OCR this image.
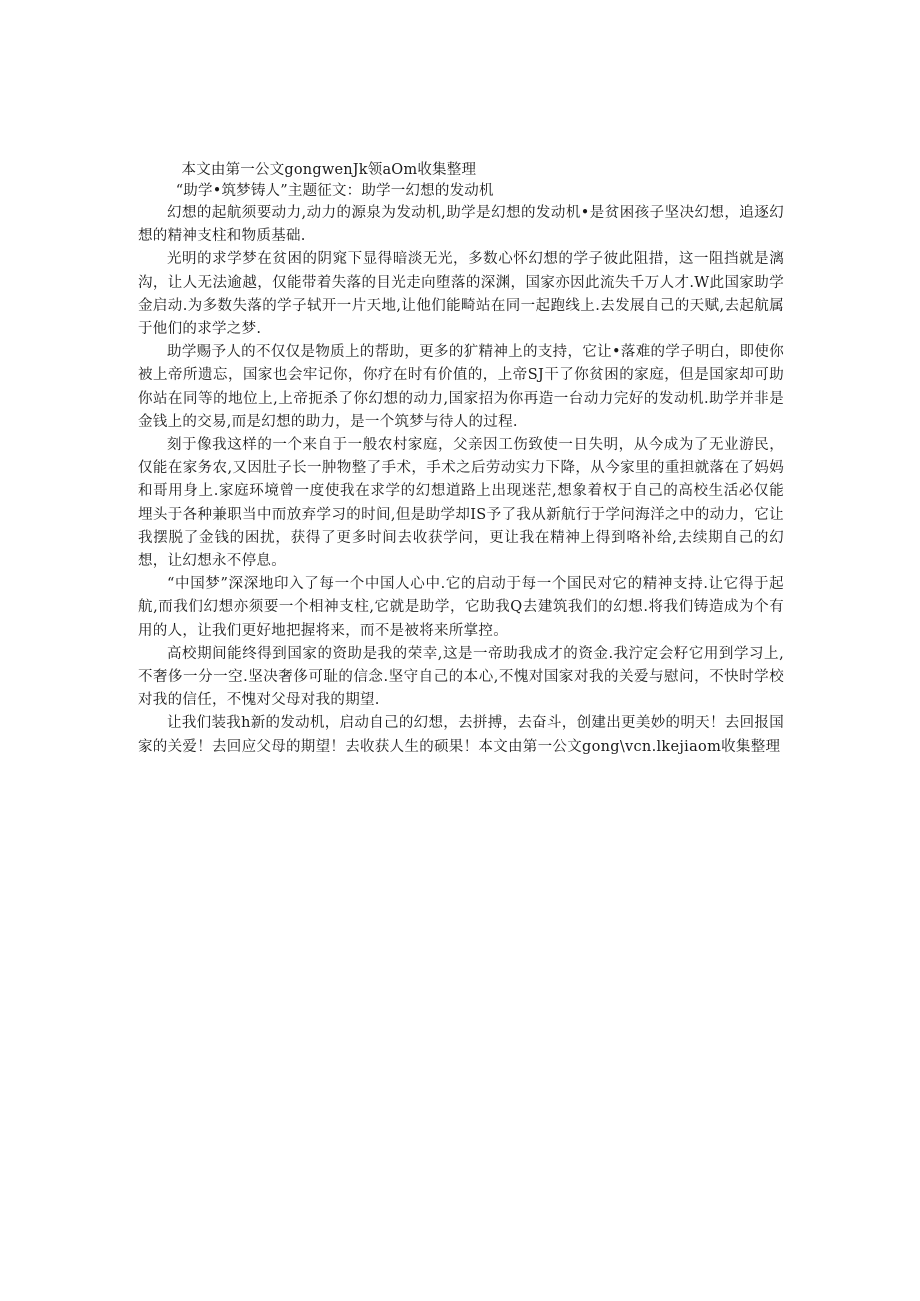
本文由第一公文gongwenJk领aOm收集整理

“助学•筑梦铸人”主题征文：助学一幻想的发动机

幻想的起航须要动力,动力的源泉为发动机,助学是幻想的发动机•是贫困孩子坚决幻想，追逐幻想的精神支柱和物质基础.

光明的求学梦在贫困的阴窕下显得暗淡无光，多数心怀幻想的学子彼此阻措，这一阻挡就是漓沟，让人无法逾越，仅能带着失落的目光走向堕落的深渊，国家亦因此流失千万人才.W此国家助学金启动.为多数失落的学子轼开一片天地,让他们能畸站在同一起跑线上.去发展自己的天赋,去起航属于他们的求学之梦.

助学赐予人的不仅仅是物质上的帮助，更多的犷精神上的支持，它让•落难的学子明白，即使你被上帝所遗忘，国家也会牢记你，你疗在时有价值的，上帝SJ干了你贫困的家庭，但是国家却可助你站在同等的地位上,上帝扼杀了你幻想的动力,国家招为你再造一台动力完好的发动机.助学并非是金钱上的交易,而是幻想的助力，是一个筑梦与待人的过程.

刻于像我这样的一个来自于一般农村家庭，父亲因工伤致使一日失明，从今成为了无业游民，仅能在家务农,又因肚子长一肿物整了手术，手术之后劳动实力下降，从今家里的重担就落在了妈妈和哥用身上.家庭环境曾一度使我在求学的幻想道路上出现迷茫,想象着权于自己的高校生活必仅能埋头于各种兼职当中而放弃学习的时间,但是助学却IS予了我从新航行于学问海洋之中的动力，它让我摆脱了金钱的困扰，获得了更多时间去收获学问，更让我在精神上得到咯补给,去续期自己的幻想，让幻想永不停息。

“中国梦”深深地印入了每一个中国人心中.它的启动于每一个国民对它的精神支持.让它得于起航,而我们幻想亦须要一个相神支柱,它就是助学，它助我Q去建筑我们的幻想.将我们铸造成为个有用的人，让我们更好地把握将来，而不是被将来所掌控。

高校期间能终得到国家的资助是我的荣幸,这是一帝助我成才的资金.我泞定会籽它用到学习上,不奢侈一分一空.坚决奢侈可耻的信念.坚守自己的本心,不愧对国家对我的关爱与慰问，不快时学校对我的信任，不愧对父母对我的期望.

让我们装我h新的发动机，启动自己的幻想，去拼搏，去奋斗，创建出更美妙的明天！去回报国家的关爱！去回应父母的期望！去收获人生的硕果！本文由第一公文gong\vcn.lkejiaom收集整理
